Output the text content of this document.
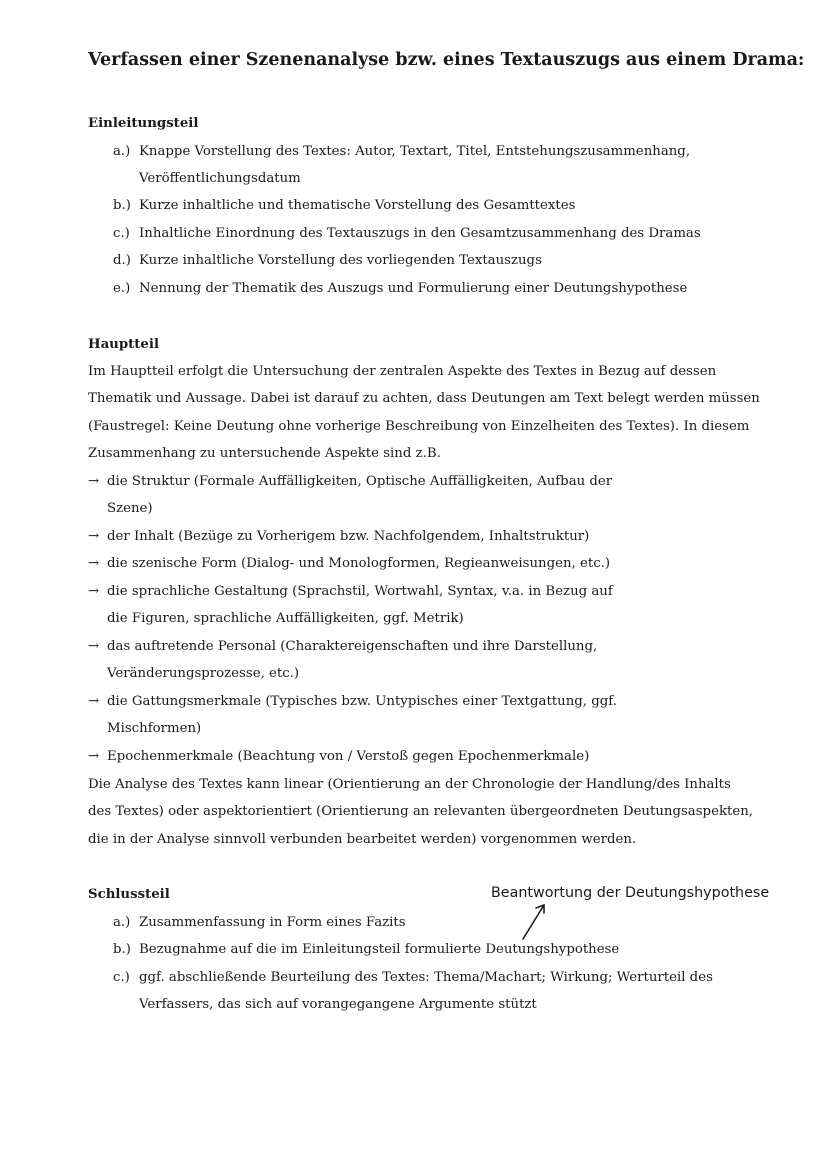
Verfassen einer Szenenanalyse bzw. eines Textauszugs aus einem Drama:
Einleitungsteil
a.) Knappe Vorstellung des Textes: Autor, Textart, Titel, Entstehungszusammenhang,
Veröffentlichungsdatum
b.) Kurze inhaltliche und thematische Vorstellung des Gesamttextes
c.) Inhaltliche Einordnung des Textauszugs in den Gesamtzusammenhang des Dramas
d.) Kurze inhaltliche Vorstellung des vorliegenden Textauszugs
e.) Nennung der Thematik des Auszugs und Formulierung einer Deutungshypothese
Hauptteil
Im Hauptteil erfolgt die Untersuchung der zentralen Aspekte des Textes in Bezug auf dessen
Thematik und Aussage. Dabei ist darauf zu achten, dass Deutungen am Text belegt werden müssen
(Faustregel: Keine Deutung ohne vorherige Beschreibung von Einzelheiten des Textes). In diesem
Zusammenhang zu untersuchende Aspekte sind z.B.
→ die Struktur (Formale Auffälligkeiten, Optische Auffälligkeiten, Aufbau der
Szene)
→ der Inhalt (Bezüge zu Vorherigem bzw. Nachfolgendem, Inhaltstruktur)
→ die szenische Form (Dialog- und Monologformen, Regieanweisungen, etc.)
→ die sprachliche Gestaltung (Sprachstil, Wortwahl, Syntax, v.a. in Bezug auf
die Figuren, sprachliche Auffälligkeiten, ggf. Metrik)
→ das auftretende Personal (Charaktereigenschaften und ihre Darstellung,
Veränderungsprozesse, etc.)
→ die Gattungsmerkmale (Typisches bzw. Untypisches einer Textgattung, ggf.
Mischformen)
→ Epochenmerkmale (Beachtung von / Verstoß gegen Epochenmerkmale)
Die Analyse des Textes kann linear (Orientierung an der Chronologie der Handlung/des Inhalts
des Textes) oder aspektorientiert (Orientierung an relevanten übergeordneten Deutungsaspekten,
die in der Analyse sinnvoll verbunden bearbeitet werden) vorgenommen werden.
Schlussteil
a.) Zusammenfassung in Form eines Fazits
b.) Bezugnahme auf die im Einleitungsteil formulierte Deutungshypothese
c.) ggf. abschließende Beurteilung des Textes: Thema/Machart; Wirkung; Werturteil des
Verfassers, das sich auf vorangegangene Argumente stützt
Beantwortung der Deutungshypothese
